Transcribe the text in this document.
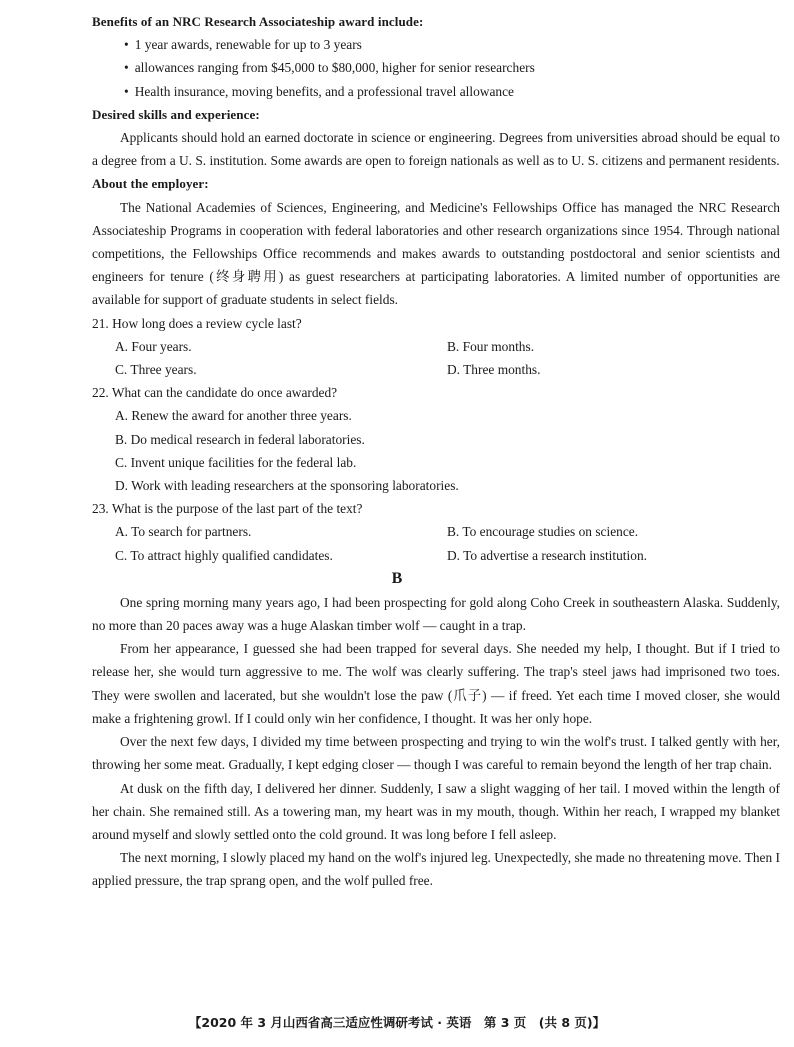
Benefits of an NRC Research Associateship award include:
• 1 year awards, renewable for up to 3 years
• allowances ranging from $45,000 to $80,000, higher for senior researchers
• Health insurance, moving benefits, and a professional travel allowance
Desired skills and experience:

Applicants should hold an earned doctorate in science or engineering. Degrees from universities abroad should be equal to a degree from a U. S. institution. Some awards are open to foreign nationals as well as to U. S. citizens and permanent residents.

About the employer:

The National Academies of Sciences, Engineering, and Medicine's Fellowships Office has managed the NRC Research Associateship Programs in cooperation with federal laboratories and other research organizations since 1954. Through national competitions, the Fellowships Office recommends and makes awards to outstanding postdoctoral and senior scientists and engineers for tenure (终身聘用) as guest researchers at participating laboratories. A limited number of opportunities are available for support of graduate students in select fields.

21. How long does a review cycle last?

A. Four years.	B. Four months.
C. Three years.	D. Three months.

22. What can the candidate do once awarded?

A. Renew the award for another three years.
B. Do medical research in federal laboratories.
C. Invent unique facilities for the federal lab.
D. Work with leading researchers at the sponsoring laboratories.

23. What is the purpose of the last part of the text?

A. To search for partners.	B. To encourage studies on science.
C. To attract highly qualified candidates.	D. To advertise a research institution.
B

One spring morning many years ago, I had been prospecting for gold along Coho Creek in southeastern Alaska. Suddenly, no more than 20 paces away was a huge Alaskan timber wolf — caught in a trap.

From her appearance, I guessed she had been trapped for several days. She needed my help, I thought. But if I tried to release her, she would turn aggressive to me. The wolf was clearly suffering. The trap's steel jaws had imprisoned two toes. They were swollen and lacerated, but she wouldn't lose the paw (爪子) — if freed. Yet each time I moved closer, she would make a frightening growl. If I could only win her confidence, I thought. It was her only hope.

Over the next few days, I divided my time between prospecting and trying to win the wolf's trust. I talked gently with her, throwing her some meat. Gradually, I kept edging closer — though I was careful to remain beyond the length of her trap chain.

At dusk on the fifth day, I delivered her dinner. Suddenly, I saw a slight wagging of her tail. I moved within the length of her chain. She remained still. As a towering man, my heart was in my mouth, though. Within her reach, I wrapped my blanket around myself and slowly settled onto the cold ground. It was long before I fell asleep.

The next morning, I slowly placed my hand on the wolf's injured leg. Unexpectedly, she made no threatening move. Then I applied pressure, the trap sprang open, and the wolf pulled free.

【2020 年 3 月山西省高三适应性调研考试 · 英语　第 3 页　(共 8 页)】
